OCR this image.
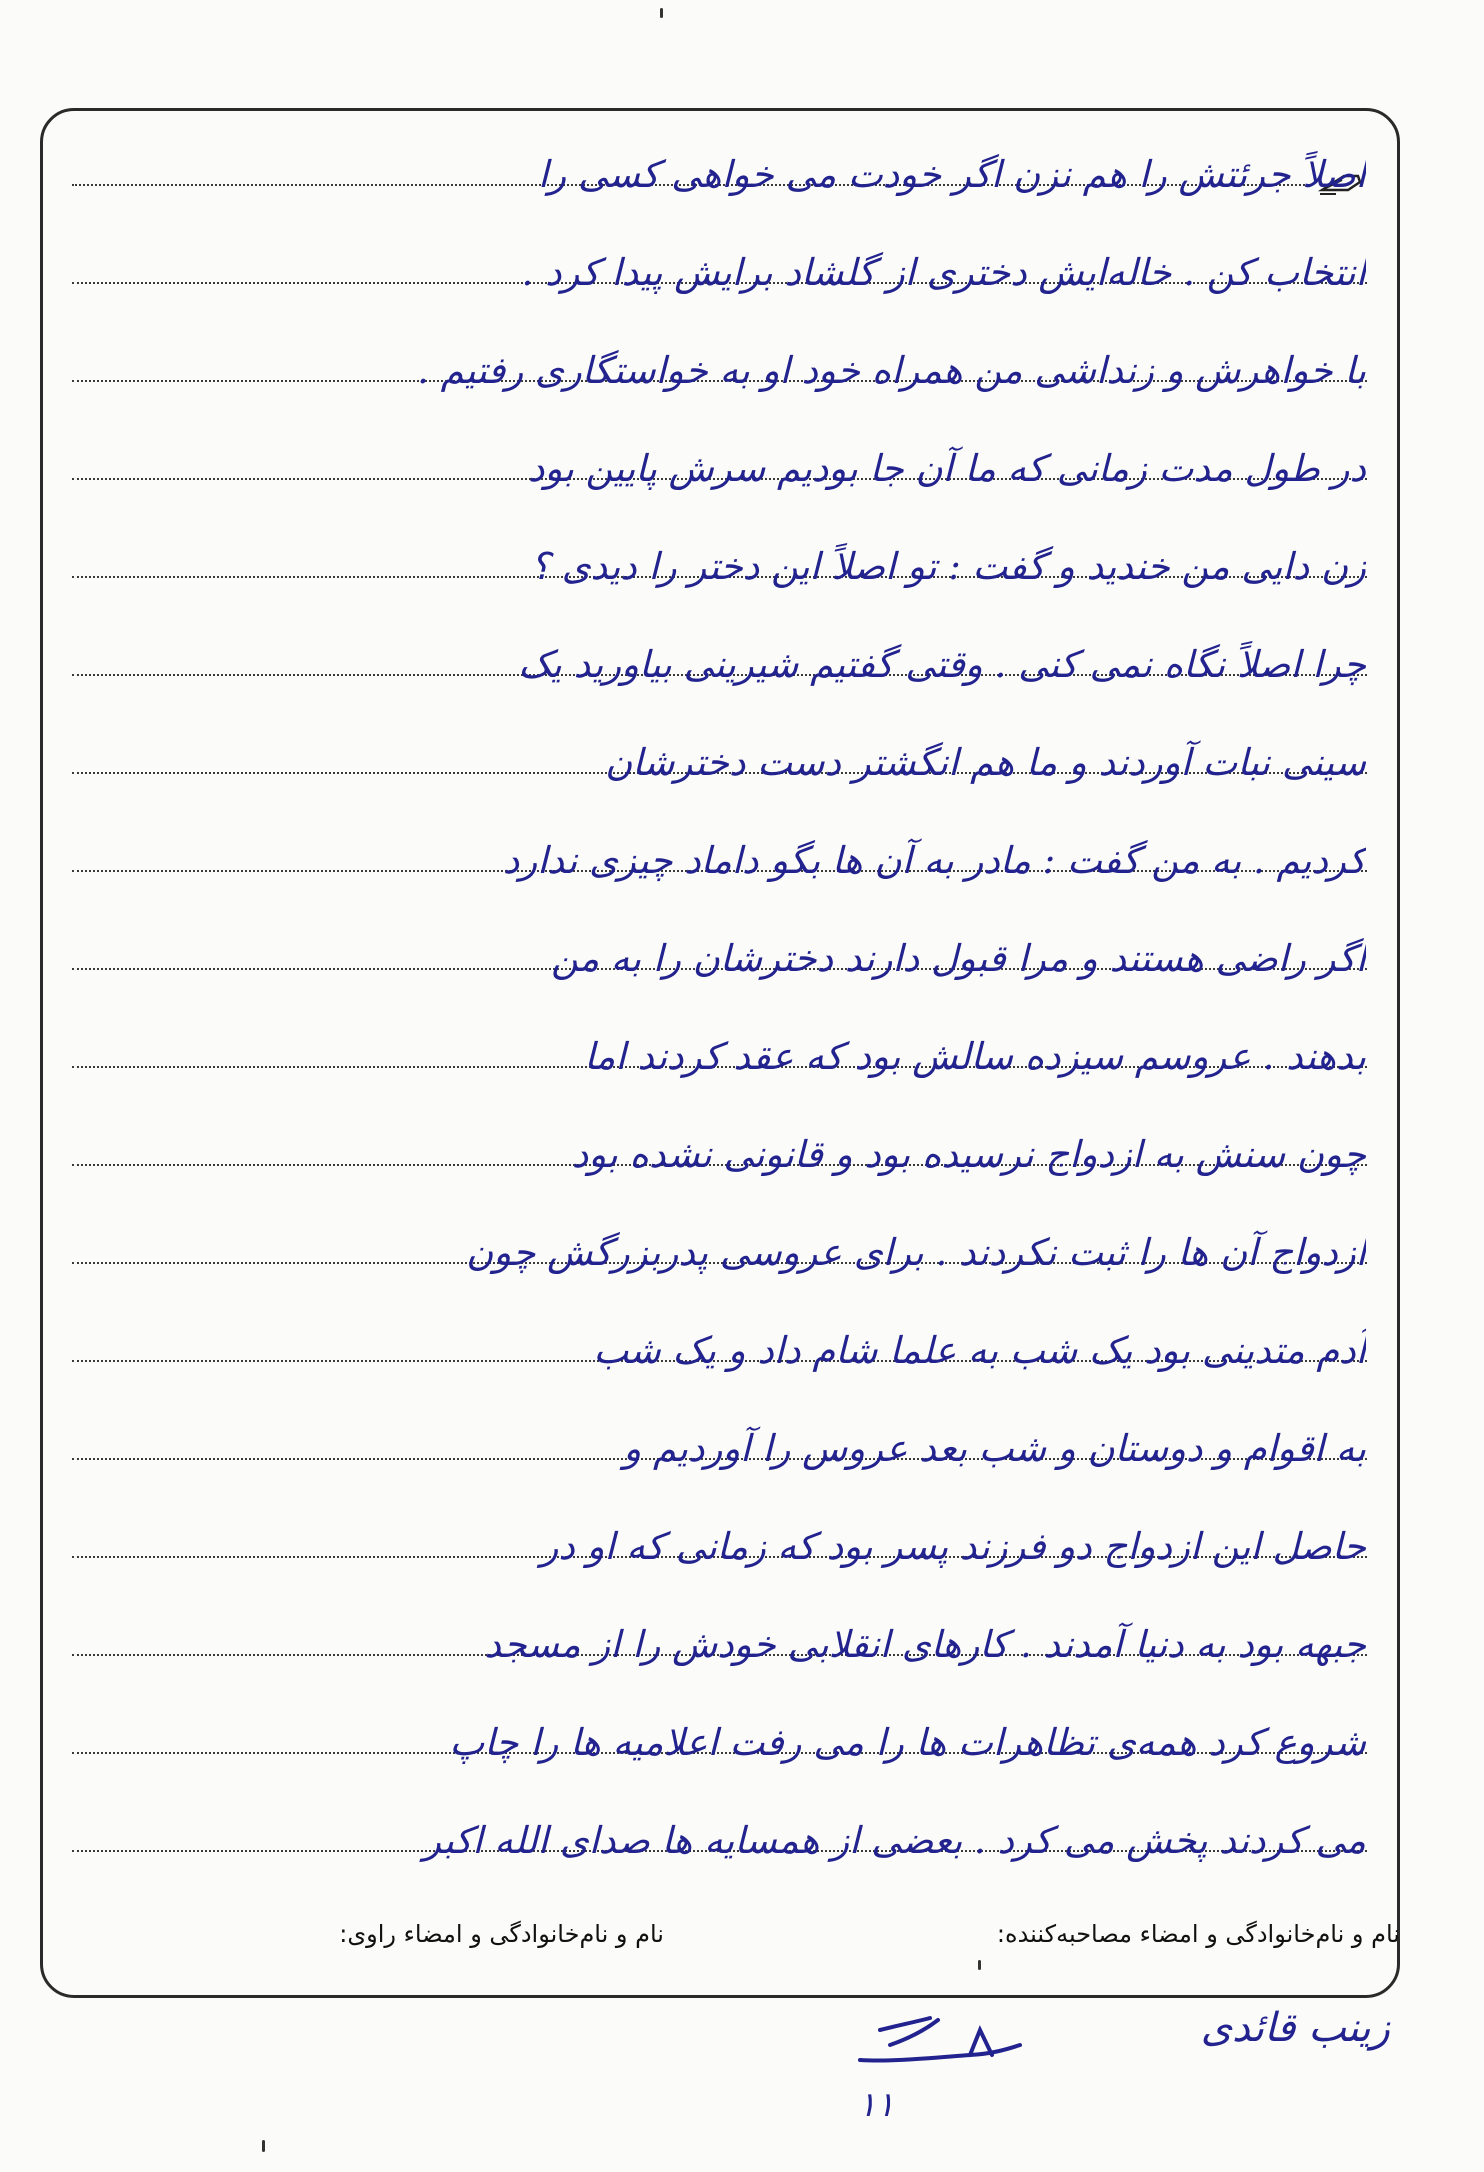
اصلاً جرئتش را هم نزن اگر خودت می خواهی کسی را
انتخاب کن . خاله‌ایش دختری از گلشاد برایش پیدا کرد .
با خواهرش و زنداشی من همراه خود او به خواستگاری رفتیم .
در طول مدت زمانی که ما آن جا بودیم سرش پایین بود
زن دایی من خندید و گفت : تو اصلاً این دختر را دیدی ؟
چرا اصلاً نگاه نمی کنی . وقتی گفتیم شیرینی بیاورید یک
سینی نبات آوردند و ما هم انگشتر دست دخترشان
کردیم . به من گفت : مادر به آن ها بگو داماد چیزی ندارد
اگر راضی هستند و مرا قبول دارند دخترشان را به من
بدهند . عروسم سیزده سالش بود که عقد کردند اما
چون سنش به ازدواج نرسیده بود و قانونی نشده بود
ازدواج آن ها را ثبت نکردند . برای عروسی پدربزرگش چون
آدم متدینی بود یک شب به علما شام داد و یک شب
به اقوام و دوستان و شب بعد عروس را آوردیم و
حاصل این ازدواج دو فرزند پسر بود که زمانی که او در
جبهه بود به دنیا آمدند . کارهای انقلابی خودش را از مسجد
شروع کرد همه‌ی تظاهرات ها را می رفت اعلامیه ها را چاپ
می کردند پخش می کرد . بعضی از همسایه ها صدای الله اکبر
نام و نام‌خانوادگی و امضاء مصاحبه‌کننده:
نام و نام‌خانوادگی و امضاء راوی:
زینب قائدی
۱۱
